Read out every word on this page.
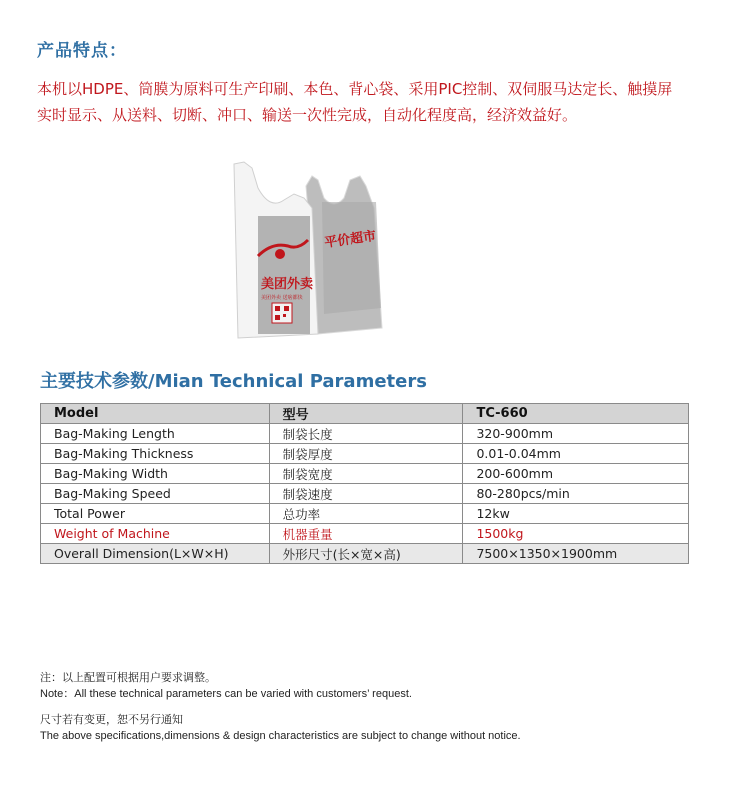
产品特点：
本机以HDPE、筒膜为原料可生产印刷、本色、背心袋、采用PIC控制、双伺服马达定长、触摸屏实时显示、从送料、切断、冲口、输送一次性完成，自动化程度高，经济效益好。
平价超市
美团外卖
美团外卖 送啥都快
主要技术参数/Mian Technical Parameters
Model	型号	TC-660
Bag-Making Length	制袋长度	320-900mm
Bag-Making Thickness	制袋厚度	0.01-0.04mm
Bag-Making Width	制袋宽度	200-600mm
Bag-Making Speed	制袋速度	80-280pcs/min
Total Power	总功率	12kw
Weight of Machine	机器重量	1500kg
Overall Dimension(L×W×H)	外形尺寸(长×宽×高)	7500×1350×1900mm
注：以上配置可根据用户要求调整。
Note：All these technical parameters can be varied with customers’ request.
尺寸若有变更，恕不另行通知
The above specifications,dimensions & design characteristics are subject to change without notice.
